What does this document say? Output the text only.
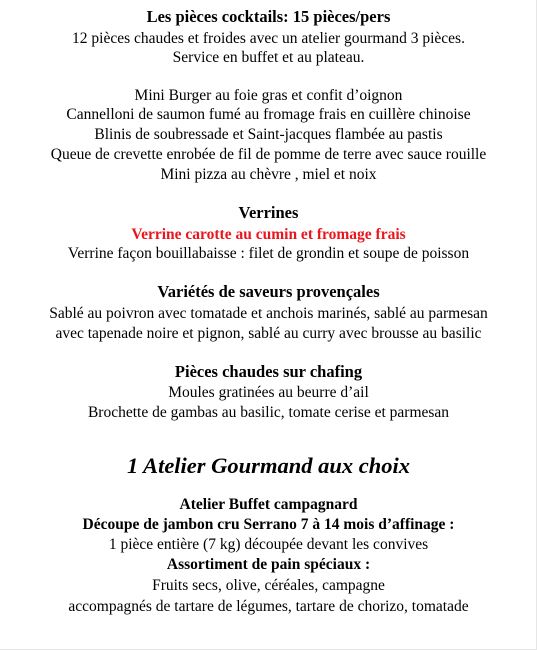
Les pièces cocktails: 15 pièces/pers
12 pièces chaudes et froides avec un atelier gourmand 3 pièces.
Service en buffet et au plateau.
Mini Burger au foie gras et confit d’oignon
Cannelloni de saumon fumé au fromage frais en cuillère chinoise
Blinis de soubressade et Saint-jacques flambée au pastis
Queue de crevette enrobée de fil de pomme de terre avec sauce rouille
Mini pizza au chèvre , miel et noix
Verrines
Verrine carotte au cumin et fromage frais
Verrine façon bouillabaisse : filet de grondin et soupe de poisson
Variétés de saveurs provençales
Sablé au poivron avec tomatade et anchois marinés, sablé au parmesan
avec tapenade noire et pignon, sablé au curry avec brousse au basilic
Pièces chaudes sur chafing
Moules gratinées au beurre d’ail
Brochette de gambas au basilic, tomate cerise et parmesan
1 Atelier Gourmand aux choix
Atelier Buffet campagnard
Découpe de jambon cru Serrano 7 à 14 mois d’affinage :
1 pièce entière (7 kg) découpée devant les convives
Assortiment de pain spéciaux :
Fruits secs, olive, céréales, campagne
accompagnés de tartare de légumes, tartare de chorizo, tomatade
